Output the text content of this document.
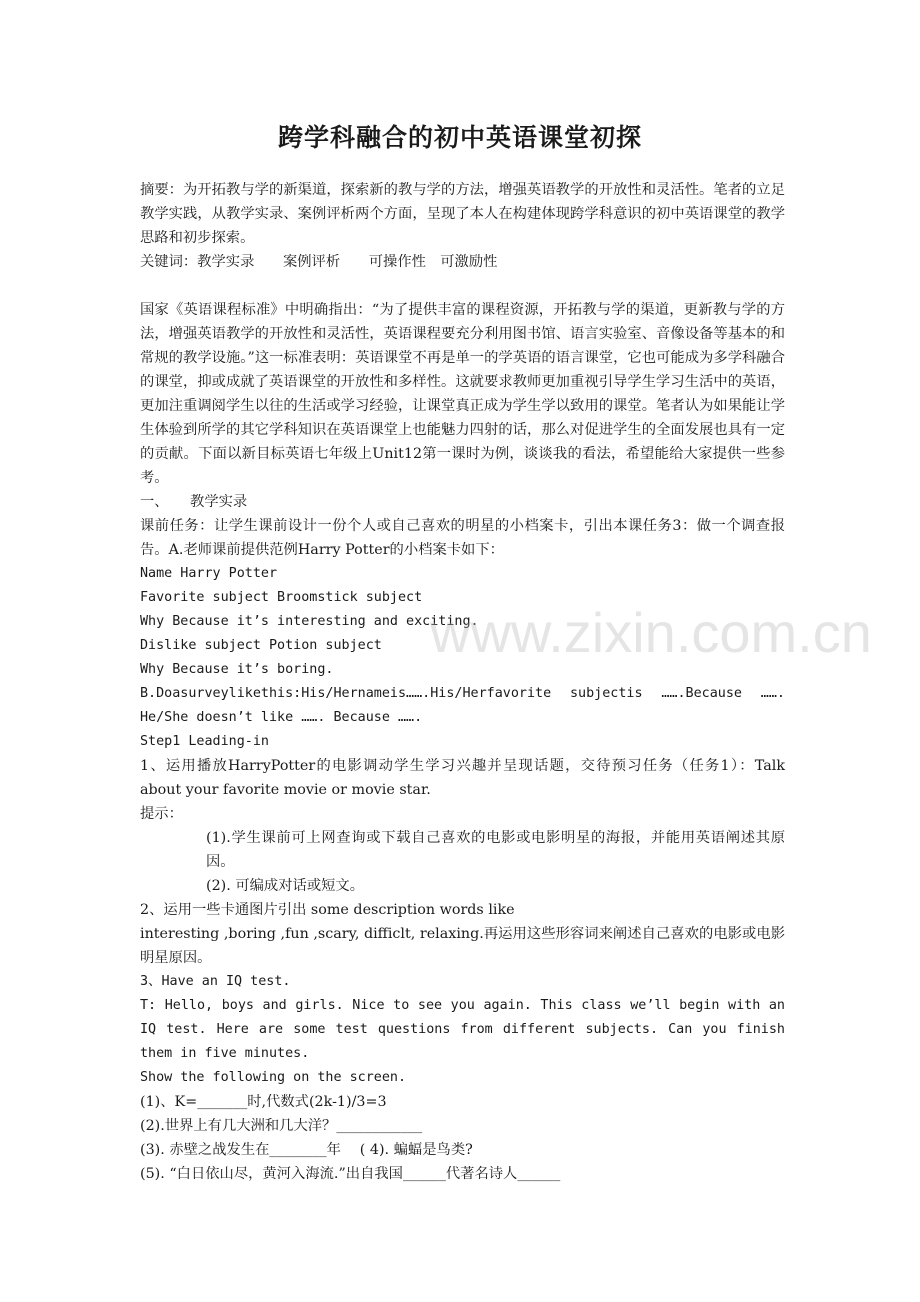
跨学科融合的初中英语课堂初探

摘要：为开拓教与学的新渠道，探索新的教与学的方法，增强英语教学的开放性和灵活性。笔者的立足教学实践，从教学实录、案例评析两个方面，呈现了本人在构建体现跨学科意识的初中英语课堂的教学思路和初步探索。

关键词：教学实录　　案例评析　　可操作性　可激励性

国家《英语课程标准》中明确指出：“为了提供丰富的课程资源，开拓教与学的渠道，更新教与学的方法，增强英语教学的开放性和灵活性，英语课程要充分利用图书馆、语言实验室、音像设备等基本的和常规的教学设施。”这一标准表明：英语课堂不再是单一的学英语的语言课堂，它也可能成为多学科融合的课堂，抑或成就了英语课堂的开放性和多样性。这就要求教师更加重视引导学生学习生活中的英语，更加注重调阅学生以往的生活或学习经验，让课堂真正成为学生学以致用的课堂。笔者认为如果能让学生体验到所学的其它学科知识在英语课堂上也能魅力四射的话，那么对促进学生的全面发展也具有一定的贡献。下面以新目标英语七年级上Unit12第一课时为例，谈谈我的看法，希望能给大家提供一些参考。

一、　　教学实录

课前任务：让学生课前设计一份个人或自己喜欢的明星的小档案卡，引出本课任务3：做一个调查报告。A.老师课前提供范例Harry Potter的小档案卡如下：

Name Harry Potter

Favorite subject Broomstick subject

Why Because it’s interesting and exciting.

Dislike subject Potion subject

Why Because it’s boring.

B.Doasurveylikethis:His/Hernameis…….His/Herfavorite subjectis …….Because ……. He/She doesn’t like ……. Because …….

Step1 Leading-in

1、运用播放HarryPotter的电影调动学生学习兴趣并呈现话题，交待预习任务（任务1）：Talk about your favorite movie or movie star.

提示：

(1).学生课前可上网查询或下载自己喜欢的电影或电影明星的海报，并能用英语阐述其原因。

(2). 可编成对话或短文。

2、运用一些卡通图片引出 some description words like

interesting ,boring ,fun ,scary, difficlt, relaxing.再运用这些形容词来阐述自己喜欢的电影或电影明星原因。

3、Have an IQ test.

T: Hello, boys and girls. Nice to see you again. This class we’ll begin with an IQ test. Here are some test questions from different subjects. Can you finish them in five minutes.

Show the following on the screen.

(1)、K=_______时,代数式(2k-1)/3=3

(2).世界上有几大洲和几大洋？____________

(3). 赤壁之战发生在________年　 ( 4). 蝙蝠是鸟类?

(5). “白日依山尽，黄河入海流.”出自我国______代著名诗人______

www.zixin.com.cn
